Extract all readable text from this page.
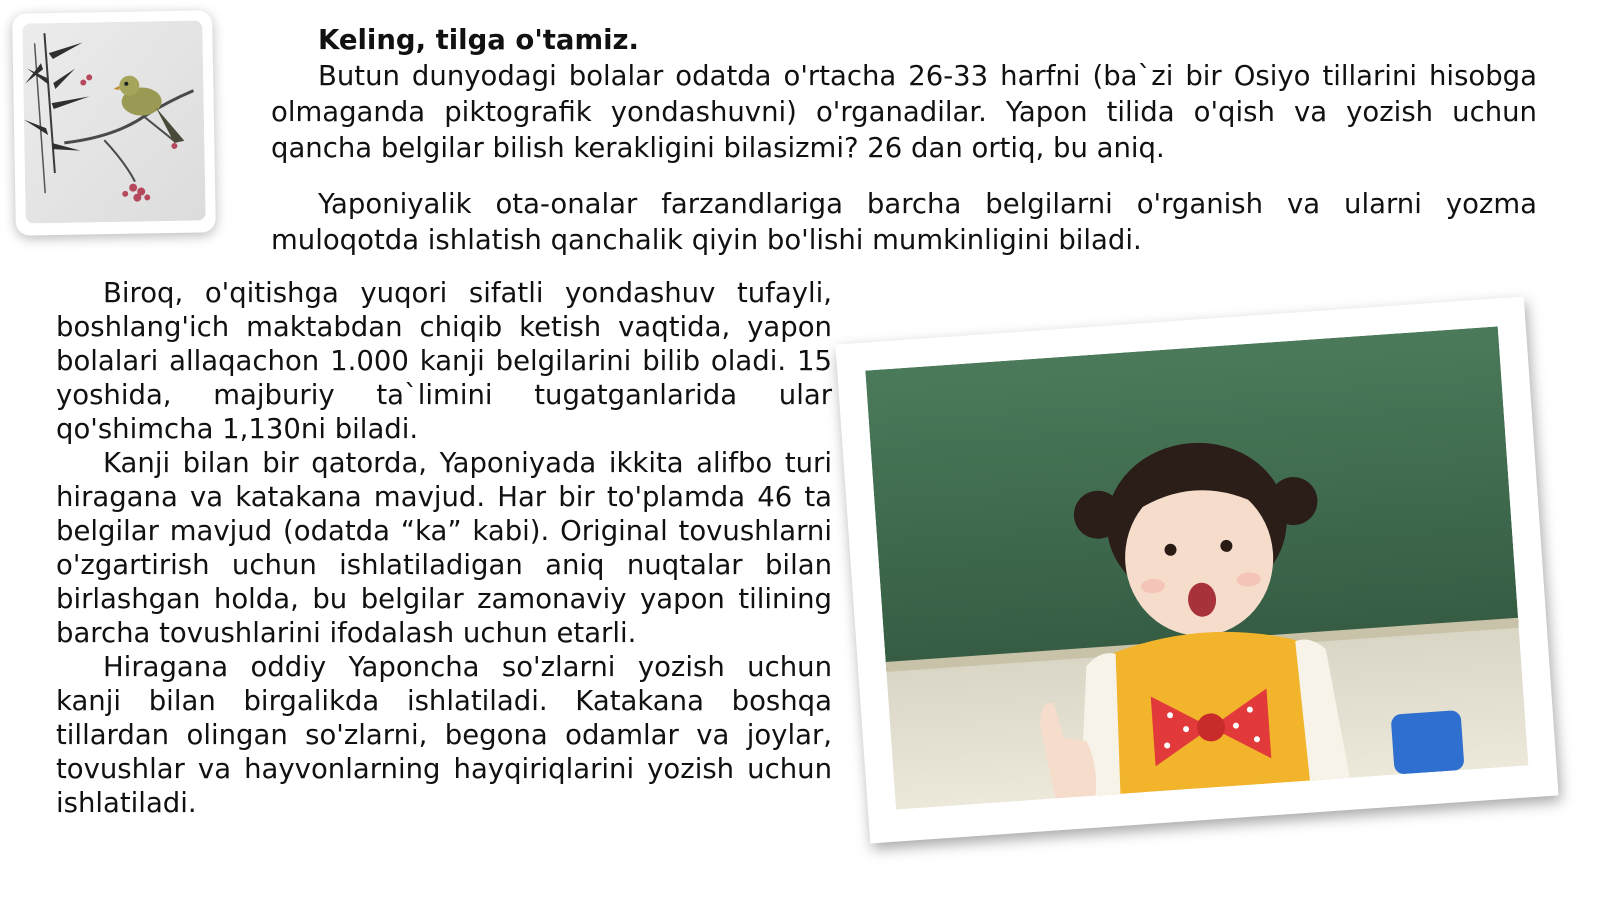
Keling, tilga o'tamiz.

Butun dunyodagi bolalar odatda o'rtacha 26-33 harfni (ba`zi bir Osiyo tillarini hisobga olmaganda piktografik yondashuvni) o'rganadilar. Yapon tilida o'qish va yozish uchun qancha belgilar bilish kerakligini bilasizmi? 26 dan ortiq, bu aniq.

Yaponiyalik ota-onalar farzandlariga barcha belgilarni o'rganish va ularni yozma muloqotda ishlatish qanchalik qiyin bo'lishi mumkinligini biladi.

Biroq, o'qitishga yuqori sifatli yondashuv tufayli, boshlang'ich maktabdan chiqib ketish vaqtida, yapon bolalari allaqachon 1.000 kanji belgilarini bilib oladi. 15 yoshida, majburiy ta`limini tugatganlarida ular qo'shimcha 1,130ni biladi.

Kanji bilan bir qatorda, Yaponiyada ikkita alifbo turi hiragana va katakana mavjud. Har bir to'plamda 46 ta belgilar mavjud (odatda “ka” kabi). Original tovushlarni o'zgartirish uchun ishlatiladigan aniq nuqtalar bilan birlashgan holda, bu belgilar zamonaviy yapon tilining barcha tovushlarini ifodalash uchun etarli.

Hiragana oddiy Yaponcha so'zlarni yozish uchun kanji bilan birgalikda ishlatiladi. Katakana boshqa tillardan olingan so'zlarni, begona odamlar va joylar, tovushlar va hayvonlarning hayqiriqlarini yozish uchun ishlatiladi.
